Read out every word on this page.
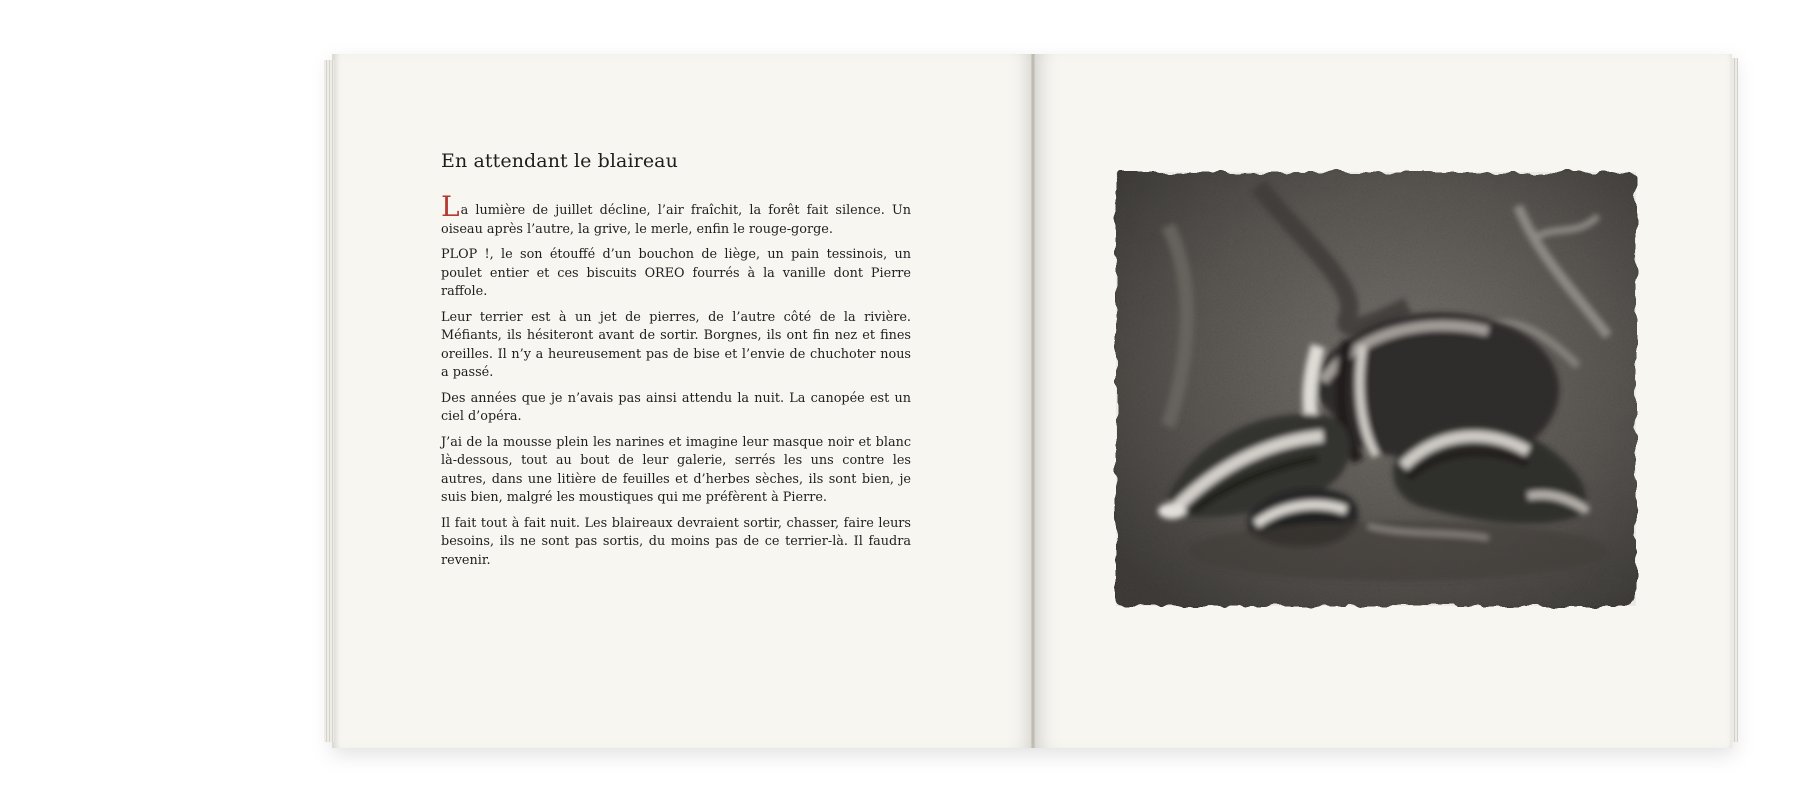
En attendant le blaireau

La lumière de juillet décline, l’air fraîchit, la forêt fait silence. Un oiseau après l’autre, la grive, le merle, enfin le rouge-gorge.

PLOP !, le son étouffé d’un bouchon de liège, un pain tessinois, un poulet entier et ces biscuits OREO fourrés à la vanille dont Pierre raffole.

Leur terrier est à un jet de pierres, de l’autre côté de la rivière. Méfiants, ils hésiteront avant de sortir. Borgnes, ils ont fin nez et fines oreilles. Il n’y a heureusement pas de bise et l’envie de chuchoter nous a passé.

Des années que je n’avais pas ainsi attendu la nuit. La canopée est un ciel d’opéra.

J’ai de la mousse plein les narines et imagine leur masque noir et blanc là-dessous, tout au bout de leur galerie, serrés les uns contre les autres, dans une litière de feuilles et d’herbes sèches, ils sont bien, je suis bien, malgré les moustiques qui me préfèrent à Pierre.

Il fait tout à fait nuit. Les blaireaux devraient sortir, chasser, faire leurs besoins, ils ne sont pas sortis, du moins pas de ce terrier-là. Il faudra revenir.
